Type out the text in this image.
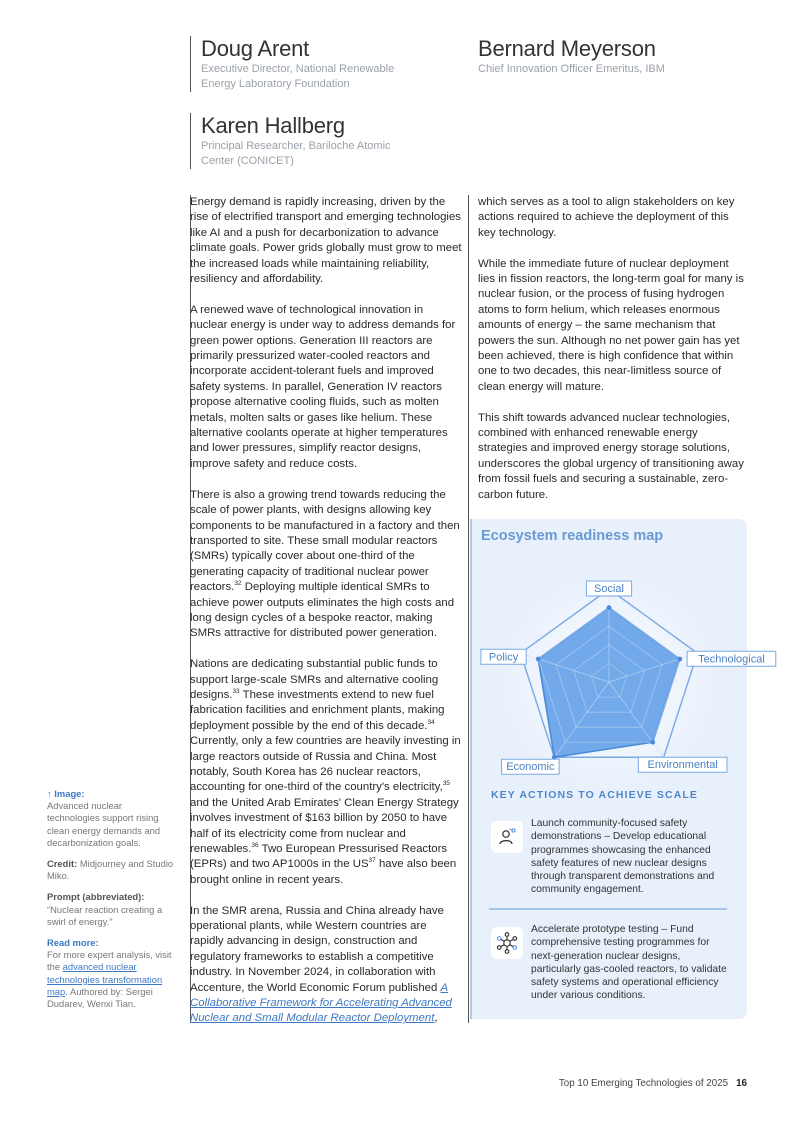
Doug Arent
Executive Director, National Renewable Energy Laboratory Foundation
Bernard Meyerson
Chief Innovation Officer Emeritus, IBM
Karen Hallberg
Principal Researcher, Bariloche Atomic Center (CONICET)

Energy demand is rapidly increasing, driven by the rise of electrified transport and emerging technologies like AI and a push for decarbonization to advance climate goals. Power grids globally must grow to meet the increased loads while maintaining reliability, resiliency and affordability.

A renewed wave of technological innovation in nuclear energy is under way to address demands for green power options. Generation III reactors are primarily pressurized water-cooled reactors and incorporate accident-tolerant fuels and improved safety systems. In parallel, Generation IV reactors propose alternative cooling fluids, such as molten metals, molten salts or gases like helium. These alternative coolants operate at higher temperatures and lower pressures, simplify reactor designs, improve safety and reduce costs.

There is also a growing trend towards reducing the scale of power plants, with designs allowing key components to be manufactured in a factory and then transported to site. These small modular reactors (SMRs) typically cover about one-third of the generating capacity of traditional nuclear power reactors.$^{32}$ Deploying multiple identical SMRs to achieve power outputs eliminates the high costs and long design cycles of a bespoke reactor, making SMRs attractive for distributed power generation.

Nations are dedicating substantial public funds to support large-scale SMRs and alternative cooling designs.$^{33}$ These investments extend to new fuel fabrication facilities and enrichment plants, making deployment possible by the end of this decade.$^{34}$ Currently, only a few countries are heavily investing in large reactors outside of Russia and China. Most notably, South Korea has 26 nuclear reactors, accounting for one-third of the country's electricity,$^{35}$ and the United Arab Emirates' Clean Energy Strategy involves investment of $163 billion by 2050 to have half of its electricity come from nuclear and renewables.$^{36}$ Two European Pressurised Reactors (EPRs) and two AP1000s in the US$^{37}$ have also been brought online in recent years.

In the SMR arena, Russia and China already have operational plants, while Western countries are rapidly advancing in design, construction and regulatory frameworks to establish a competitive industry. In November 2024, in collaboration with Accenture, the World Economic Forum published A Collaborative Framework for Accelerating Advanced Nuclear and Small Modular Reactor Deployment,

which serves as a tool to align stakeholders on key actions required to achieve the deployment of this key technology.

While the immediate future of nuclear deployment lies in fission reactors, the long-term goal for many is nuclear fusion, or the process of fusing hydrogen atoms to form helium, which releases enormous amounts of energy – the same mechanism that powers the sun. Although no net power gain has yet been achieved, there is high confidence that within one to two decades, this near-limitless source of clean energy will mature.

This shift towards advanced nuclear technologies, combined with enhanced renewable energy strategies and improved energy storage solutions, underscores the global urgency of transitioning away from fossil fuels and securing a sustainable, zero-carbon future.

↑ Image:
Advanced nuclear technologies support rising clean energy demands and decarbonization goals.
Credit: Midjourney and Studio Miko.
Prompt (abbreviated): “Nuclear reaction creating a swirl of energy.”
Read more:
For more expert analysis, visit the advanced nuclear technologies transformation map. Authored by: Sergei Dudarev, Wenxi Tian.
Ecosystem readiness map
Social
Technological
Environmental
Economic
Policy
KEY ACTIONS TO ACHIEVE SCALE
Launch community-focused safety demonstrations – Develop educational programmes showcasing the enhanced safety features of new nuclear designs through transparent demonstrations and community engagement.
Accelerate prototype testing – Fund comprehensive testing programmes for next-generation nuclear designs, particularly gas-cooled reactors, to validate safety systems and operational efficiency under various conditions.
Top 10 Emerging Technologies of 2025 16
